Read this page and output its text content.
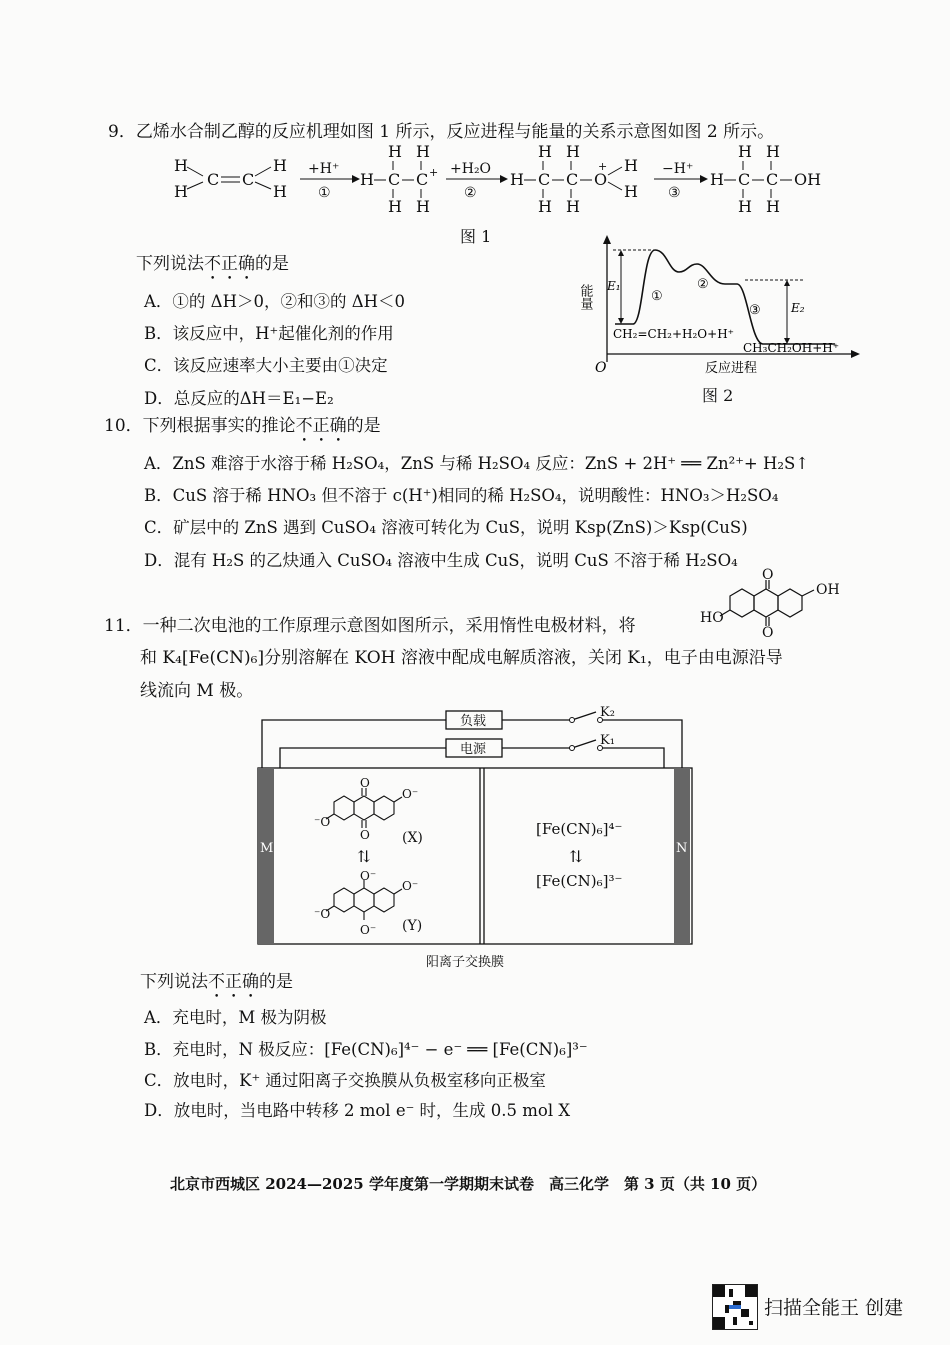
9．乙烯水合制乙醇的反应机理如图 1 所示，反应进程与能量的关系示意图如图 2 所示。
H
H
C C
H
H
+H⁺
①
H C C +
H H
H H
+H₂O
②
H C C O
+ H
H
H H
H H
−H⁺
③
H C C OH
H H
H H
图 1
下列说法不正确的是
A．①的 ΔH＞0，②和③的 ΔH＜0
B．该反应中，H⁺起催化剂的作用
C．该反应速率大小主要由①决定
D．总反应的ΔH＝E₁−E₂
O
能量 E₁
E₂
①
②
③
CH₂=CH₂+H₂O+H⁺
CH₃CH₂OH+H⁺
反应进程
图 2
10．下列根据事实的推论不正确的是
A．ZnS 难溶于水溶于稀 H₂SO₄，ZnS 与稀 H₂SO₄ 反应：ZnS + 2H⁺ ══ Zn²⁺+ H₂S↑
B．CuS 溶于稀 HNO₃ 但不溶于 c(H⁺)相同的稀 H₂SO₄，说明酸性：HNO₃＞H₂SO₄
C．矿层中的 ZnS 遇到 CuSO₄ 溶液可转化为 CuS，说明 Ksp(ZnS)＞Ksp(CuS)
D．混有 H₂S 的乙炔通入 CuSO₄ 溶液中生成 CuS，说明 CuS 不溶于稀 H₂SO₄
11．一种二次电池的工作原理示意图如图所示，采用惰性电极材料，将
O
O
HO
OH
和 K₄[Fe(CN)₆]分别溶解在 KOH 溶液中配成电解质溶液，关闭 K₁，电子由电源沿导
线流向 M 极。
负载
电源
K₂
K₁
M	N
O
O
⁻O
O⁻
(X)
⇅
O⁻
O⁻
⁻O
O⁻
(Y)
[Fe(CN)₆]⁴⁻
⇅
[Fe(CN)₆]³⁻
阳离子交换膜
下列说法不正确的是
A．充电时，M 极为阴极
B．充电时，N 极反应：[Fe(CN)₆]⁴⁻ − e⁻ ══ [Fe(CN)₆]³⁻
C．放电时，K⁺ 通过阳离子交换膜从负极室移向正极室
D．放电时，当电路中转移 2 mol e⁻ 时，生成 0.5 mol X
北京市西城区 2024—2025 学年度第一学期期末试卷　高三化学　第 3 页（共 10 页）
扫描全能王 创建
